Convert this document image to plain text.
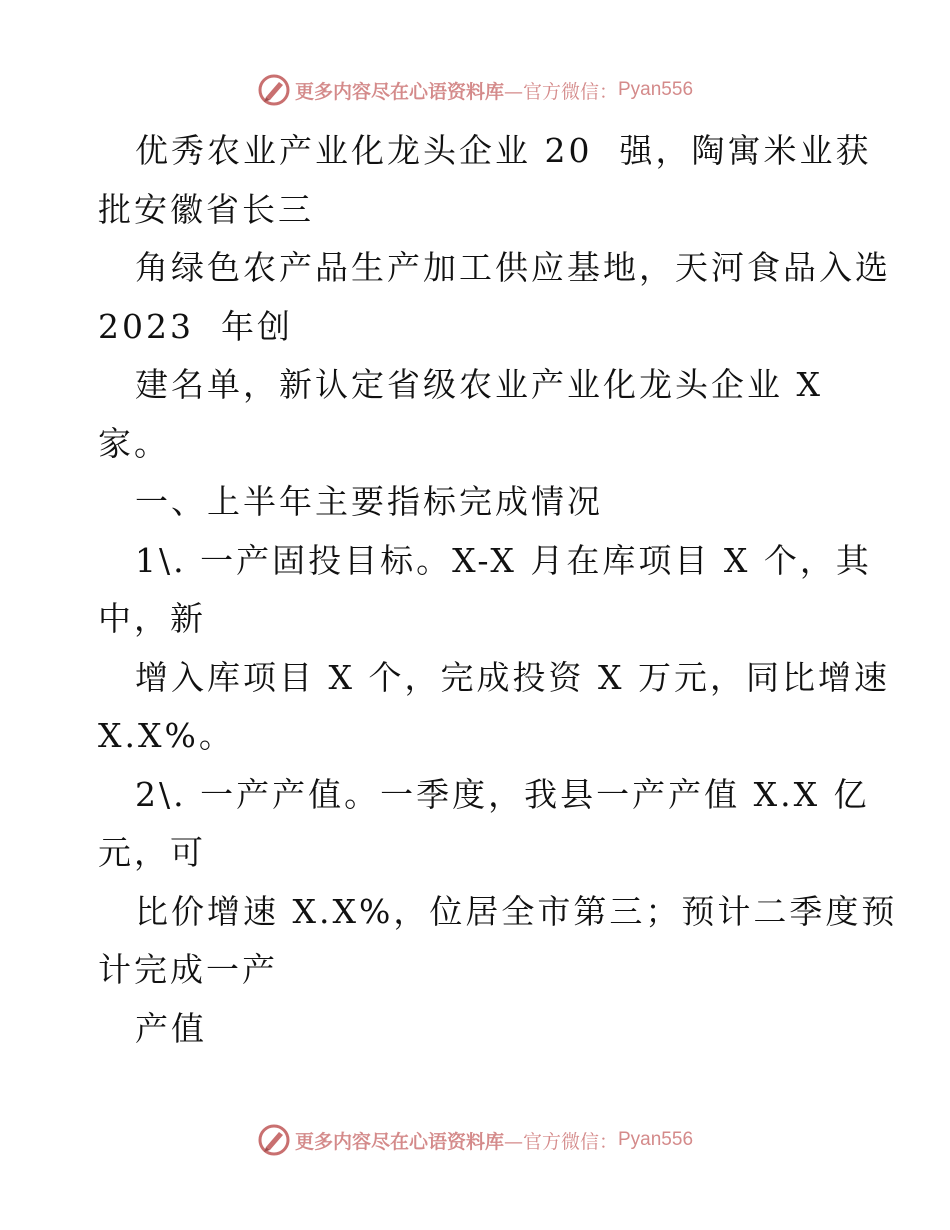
更多内容尽在心语资料库 —官方微信： Pyan556
优秀农业产业化龙头企业 20  强，陶寓米业获
批安徽省长三
角绿色农产品生产加工供应基地，天河食品入选
2023  年创
建名单，新认定省级农业产业化龙头企业 X
家。
一、上半年主要指标完成情况
1\. 一产固投目标。X-X 月在库项目 X 个，其
中，新
增入库项目 X 个，完成投资 X 万元，同比增速
X.X%。
2\. 一产产值。一季度，我县一产产值 X.X 亿
元，可
比价增速 X.X%，位居全市第三；预计二季度预
计完成一产
产值
更多内容尽在心语资料库 —官方微信： Pyan556
